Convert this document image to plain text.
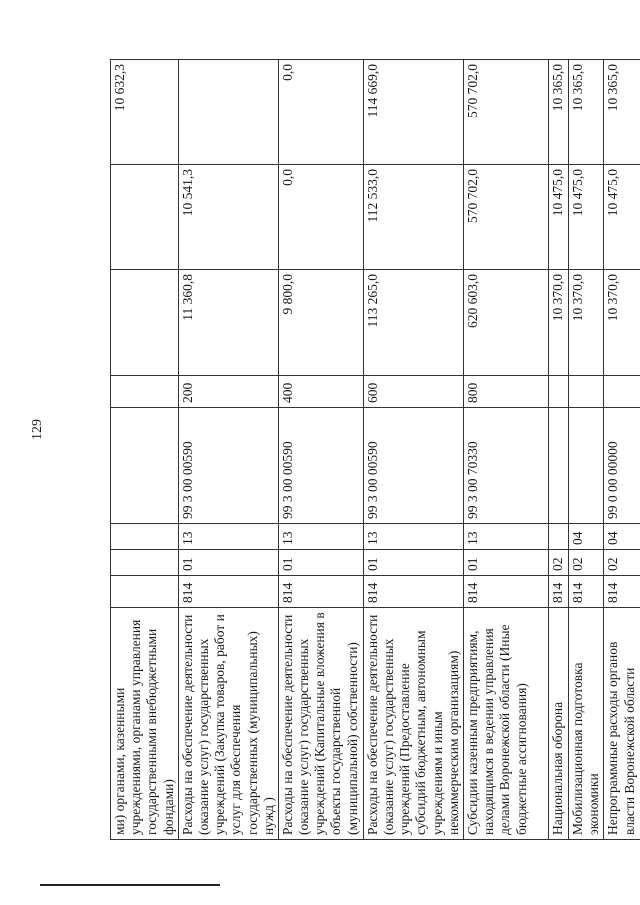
129
ми) органами, казенными учреждениями, органами управления государственными внебюджетными фондами)								10 632,3
Расходы на обеспечение деятельности (оказание услуг) государственных учреждений (Закупка товаров, работ и услуг для обеспечения государственных (муниципальных) нужд )	814	01	13	99 3 00 00590	200	11 360,8	10 541,3	
Расходы на обеспечение деятельности (оказание услуг) государственных учреждений (Капитальные вложения в объекты государственной (муниципальной) собственности)	814	01	13	99 3 00 00590	400	9 800,0	0,0	0,0
Расходы на обеспечение деятельности (оказание услуг) государственных учреждений (Предоставление субсидий бюджетным, автономным учреждениям и иным некоммерческим организациям)	814	01	13	99 3 00 00590	600	113 265,0	112 533,0	114 669,0
Субсидии казенным предприятиям, находящимся в ведении управления делами Воронежской области (Иные бюджетные ассигнования)	814	01	13	99 3 00 70330	800	620 603,0	570 702,0	570 702,0
Национальная оборона	814	02				10 370,0	10 475,0	10 365,0
Мобилизационная подготовка экономики	814	02	04			10 370,0	10 475,0	10 365,0
Непрограммные расходы органов власти Воронежской области	814	02	04	99 0 00 00000		10 370,0	10 475,0	10 365,0
